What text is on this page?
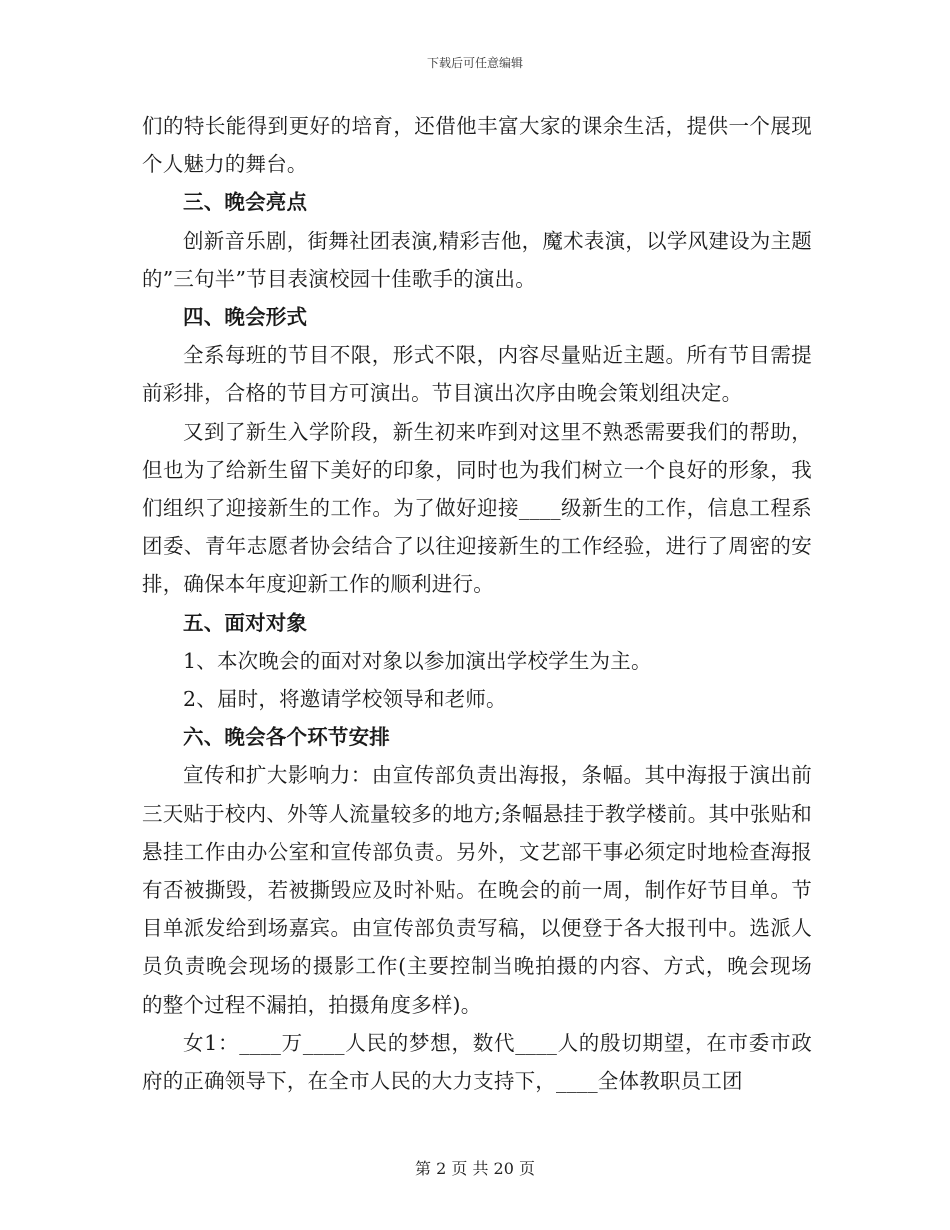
下载后可任意编辑

们的特长能得到更好的培育，还借他丰富大家的课余生活，提供一个展现个人魅力的舞台。

三、晚会亮点

创新音乐剧，街舞社团表演,精彩吉他，魔术表演，以学风建设为主题的”三句半”节目表演校园十佳歌手的演出。

四、晚会形式

全系每班的节目不限，形式不限，内容尽量贴近主题。所有节目需提前彩排，合格的节目方可演出。节目演出次序由晚会策划组决定。

又到了新生入学阶段，新生初来咋到对这里不熟悉需要我们的帮助，但也为了给新生留下美好的印象，同时也为我们树立一个良好的形象，我们组织了迎接新生的工作。为了做好迎接____级新生的工作，信息工程系团委、青年志愿者协会结合了以往迎接新生的工作经验，进行了周密的安排，确保本年度迎新工作的顺利进行。

五、面对对象

1、本次晚会的面对对象以参加演出学校学生为主。

2、届时，将邀请学校领导和老师。

六、晚会各个环节安排

宣传和扩大影响力：由宣传部负责出海报，条幅。其中海报于演出前三天贴于校内、外等人流量较多的地方;条幅悬挂于教学楼前。其中张贴和悬挂工作由办公室和宣传部负责。另外，文艺部干事必须定时地检查海报有否被撕毁，若被撕毁应及时补贴。在晚会的前一周，制作好节目单。节目单派发给到场嘉宾。由宣传部负责写稿，以便登于各大报刊中。选派人员负责晚会现场的摄影工作(主要控制当晚拍摄的内容、方式，晚会现场的整个过程不漏拍，拍摄角度多样)。

女1：____万____人民的梦想，数代____人的殷切期望，在市委市政府的正确领导下，在全市人民的大力支持下，____全体教职员工团

第 2 页 共 20 页
